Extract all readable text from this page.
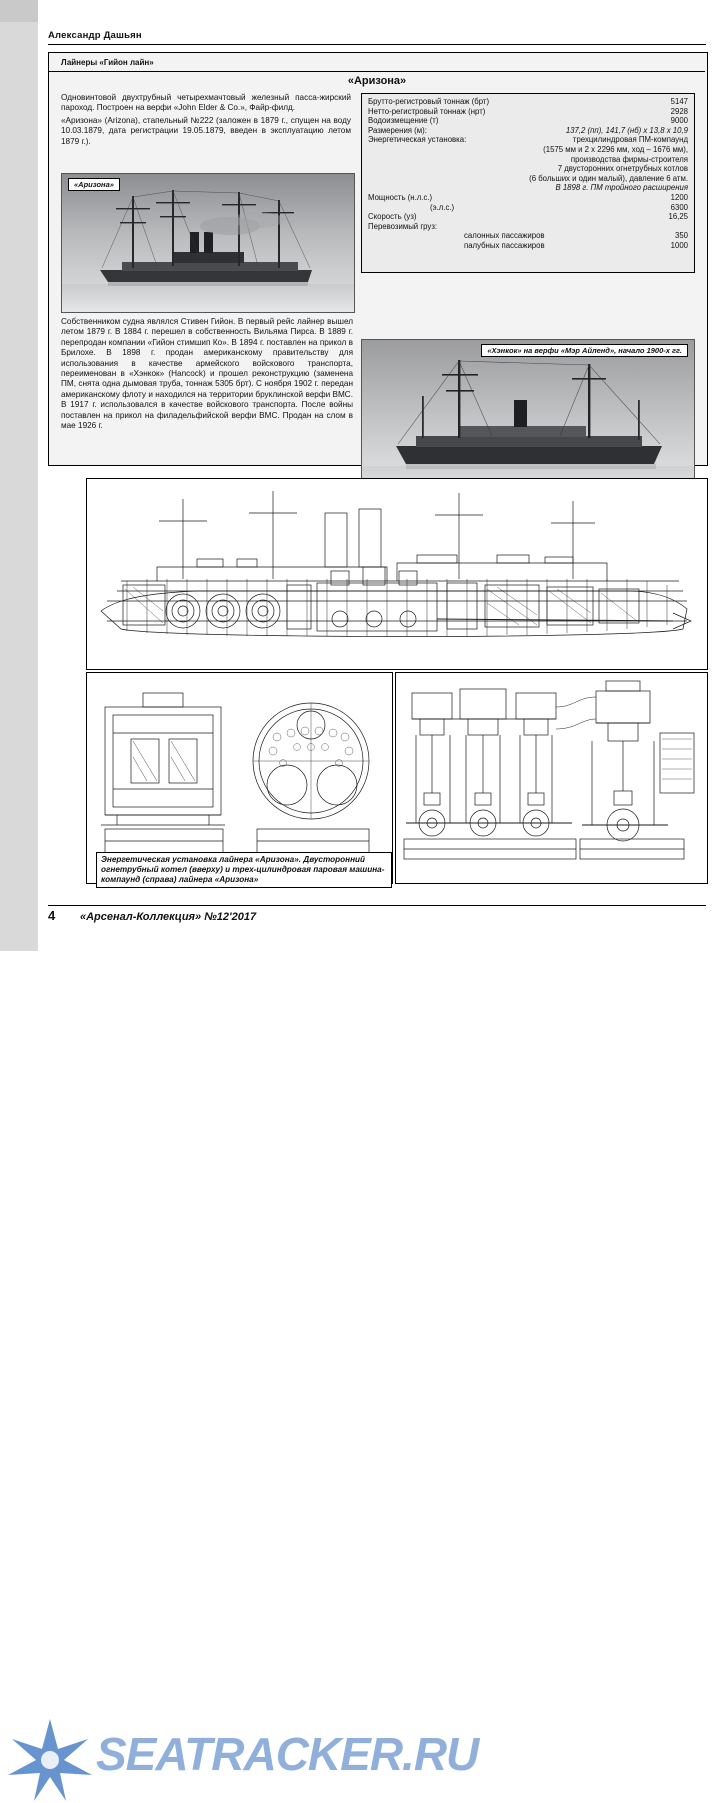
Александр Дашьян
Лайнеры «Гийон лайн»
«Аризона»

Одновинтовой двухтрубный четырехмачтовый железный пасса-жирский пароход. Построен на верфи «John Elder & Co.», Файр-филд.

«Аризона» (Arizona), стапельный №222 (заложен в 1879 г., спущен на воду 10.03.1879, дата регистрации 19.05.1879, введен в эксплуатацию летом 1879 г.).

«Аризона»

Собственником судна являлся Стивен Гийон. В первый рейс лайнер вышел летом 1879 г. В 1884 г. перешел в собственность Вильяма Пирса. В 1889 г. перепродан компании «Гийон стимшип Ко». В 1894 г. поставлен на прикол в Брилохе. В 1898 г. продан американскому правительству для использования в качестве армейского войскового транспорта, переименован в «Хэнкок» (Hancock) и прошел реконструкцию (заменена ПМ, снята одна дымовая труба, тоннаж 5305 брт). С ноября 1902 г. передан американскому флоту и находился на территории бруклинской верфи ВМС. В 1917 г. использовался в качестве войскового транспорта. После войны поставлен на прикол на филадельфийской верфи ВМС. Продан на слом в мае 1926 г.

Брутто-регистровый тоннаж (брт)	5147
Нетто-регистровый тоннаж (нрт)	2928
Водоизмещение (т)	9000
Размерения (м):	137,2 (пп), 141,7 (нб) х 13,8 х 10,9
Энергетическая установка:	трехцилиндровая ПМ-компаунд
(1575 мм и 2 х 2296 мм, ход – 1676 мм),
производства фирмы-строителя
7 двусторонних огнетрубных котлов
(6 больших и один малый), давление 6 атм.
В 1898 г. ПМ тройного расширения
Мощность (н.л.с.)	1200
(э.л.с.)	6300
Скорость (уз)	16,25
Перевозимый груз:
салонных пассажиров	350
палубных пассажиров	1000
«Хэнкок» на верфи «Мэр Айленд», начало 1900-х гг.
Энергетическая установка лайнера «Аризона». Двусторонний огнетрубный котел (вверху) и трех-цилиндровая паровая машина-компаунд (справа) лайнера «Аризона»
4 «Арсенал-Коллекция» №12'2017
SEATRACKER.RU
